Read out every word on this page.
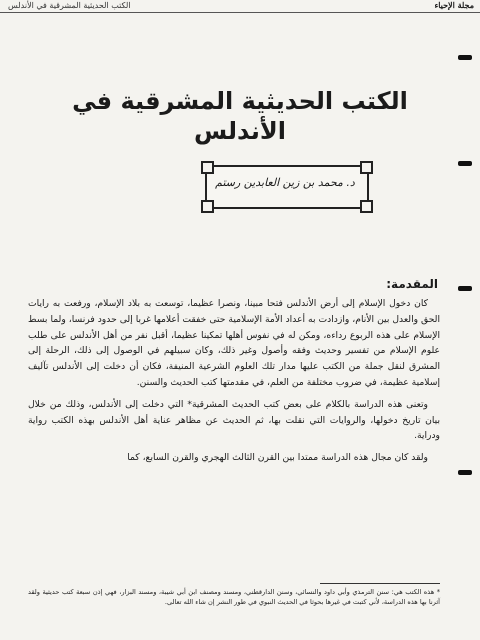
مجلة الإحياء
الكتب الحديثية المشرقية في الأندلس
الكتب الحديثية المشرقية في الأندلس
د. محمد بن زين العابدين رستم
المقدمة:

كان دخول الإسلام إلى أرض الأندلس فتحا مبينا، ونصرا عظيما، توسعت به بلاد الإسلام، ورفعت به رايات الحق والعدل بين الأنام، وازدادت به أعداد الأمة الإسلامية حتى خفقت أعلامها غربا إلى حدود فرنسا، ولما بسط الإسلام على هذه الربوع رداءه، ومكن له في نفوس أهلها تمكينا عظيما، أقبل نفر من أهل الأندلس على طلب علوم الإسلام من تفسير وحديث وفقه وأصول وغير ذلك، وكان سبيلهم في الوصول إلى ذلك، الرحلة إلى المشرق لنقل جملة من الكتب عليها مدار تلك العلوم الشرعية المنيفة، فكان أن دخلت إلى الأندلس تآليف إسلامية عظيمة، في ضروب مختلفة من العلم، في مقدمتها كتب الحديث والسنن.

وتعنى هذه الدراسة بالكلام على بعض كتب الحديث المشرقية* التي دخلت إلى الأندلس، وذلك من خلال بيان تاريخ دخولها، والروايات التي نقلت بها، ثم الحديث عن مظاهر عناية أهل الأندلس بهذه الكتب رواية ودراية.

ولقد كان مجال هذه الدراسة ممتدا بين القرن الثالث الهجري والقرن السابع، كما

* هذه الكتب هي: سنن الترمذي وأبي داود والنسائي، وسنن الدارقطني، ومسند ومصنف ابن أبي شيبة، ومسند البزار، فهي إذن سبعة كتب حديثية ولقد آثرنا بها هذه الدراسة، لأني كتبت في غيرها بحوثا في الحديث النبوي في طور النشر إن شاء الله تعالى.
